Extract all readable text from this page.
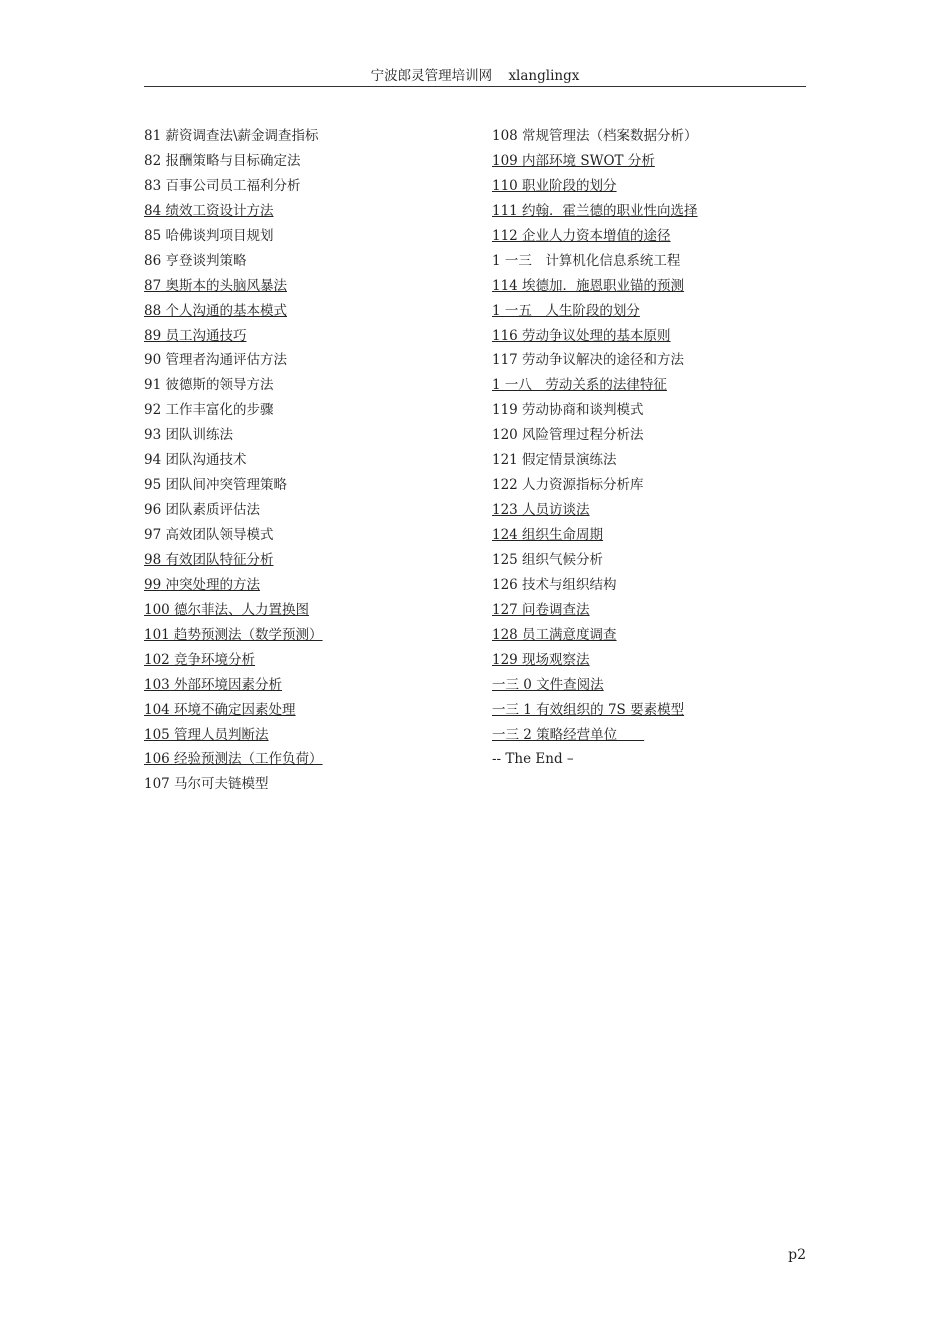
宁波郎灵管理培训网 xlanglingx
81 薪资调查法\薪金调查指标
82 报酬策略与目标确定法
83 百事公司员工福利分析
84 绩效工资设计方法
85 哈佛谈判项目规划
86 亨登谈判策略
87 奥斯本的头脑风暴法
88 个人沟通的基本模式
89 员工沟通技巧
90 管理者沟通评估方法
91 彼德斯的领导方法
92 工作丰富化的步骤
93 团队训练法
94 团队沟通技术
95 团队间冲突管理策略
96 团队素质评估法
97 高效团队领导模式
98 有效团队特征分析
99 冲突处理的方法
100 德尔菲法、人力置换图
101 趋势预测法（数学预测）
102 竞争环境分析
103 外部环境因素分析
104 环境不确定因素处理
105 管理人员判断法
106 经验预测法（工作负荷）
107 马尔可夫链模型
108 常规管理法（档案数据分析）
109 内部环境 SWOT 分析
110 职业阶段的划分
111 约翰．霍兰德的职业性向选择
112 企业人力资本增值的途径
1 一三　计算机化信息系统工程
114 埃德加．施恩职业锚的预测
1 一五　人生阶段的划分
116 劳动争议处理的基本原则
117 劳动争议解决的途径和方法
1 一八　劳动关系的法律特征
119 劳动协商和谈判模式
120 风险管理过程分析法
121 假定情景演练法
122 人力资源指标分析库
123 人员访谈法
124 组织生命周期
125 组织气候分析
126 技术与组织结构
127 问卷调查法
128 员工满意度调查
129 现场观察法
一三 0 文件查阅法
一三 1 有效组织的 7S 要素模型
一三 2 策略经营单位　　
-- The End –
p2
